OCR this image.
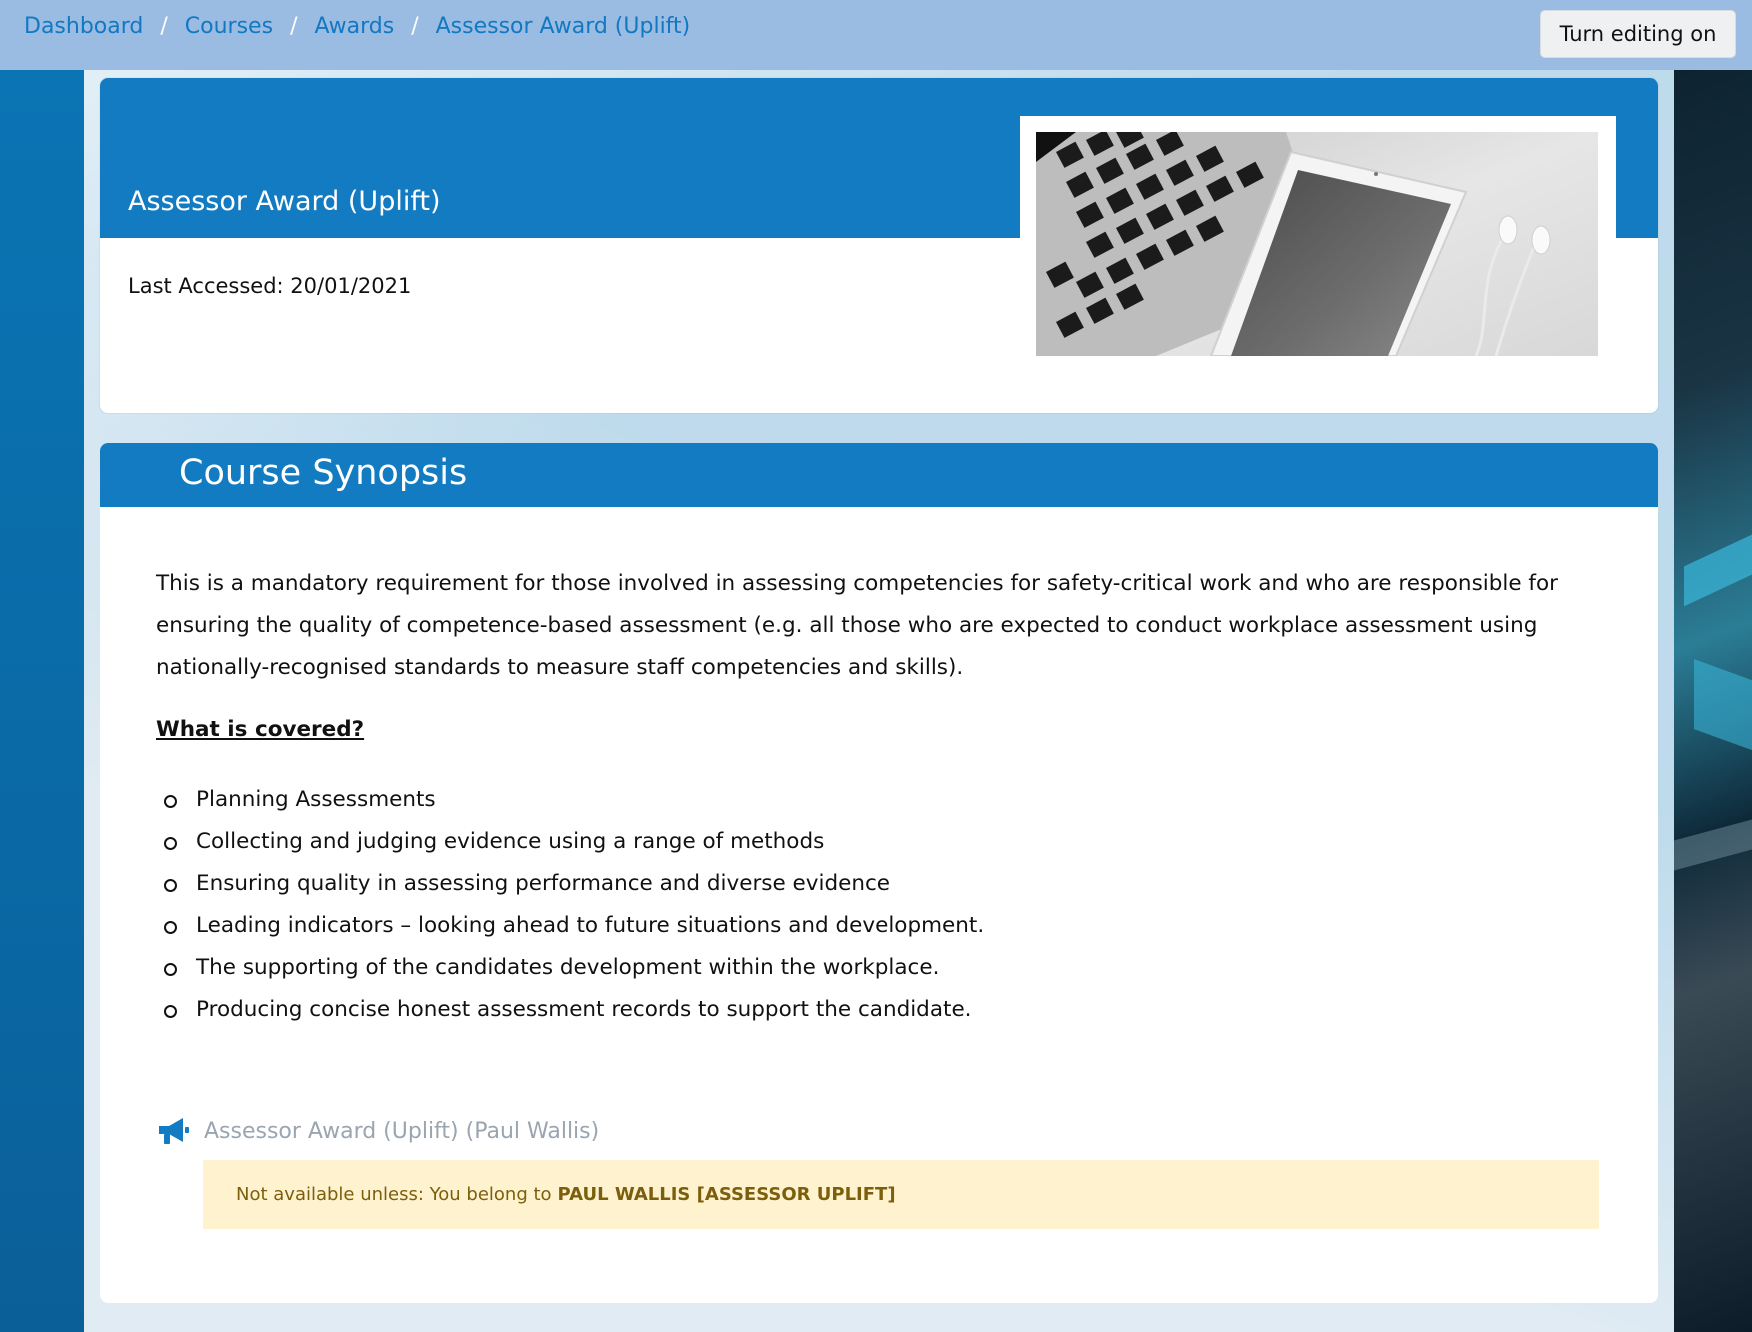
Dashboard / Courses / Awards / Assessor Award (Uplift)	Turn editing on
Assessor Award (Uplift)
Last Accessed: 20/01/2021
Course Synopsis

This is a mandatory requirement for those involved in assessing competencies for safety-critical work and who are responsible for ensuring the quality of competence-based assessment (e.g. all those who are expected to conduct workplace assessment using nationally-recognised standards to measure staff competencies and skills).

What is covered?
Planning Assessments
Collecting and judging evidence using a range of methods
Ensuring quality in assessing performance and diverse evidence
Leading indicators – looking ahead to future situations and development.
The supporting of the candidates development within the workplace.
Producing concise honest assessment records to support the candidate.
Assessor Award (Uplift) (Paul Wallis)
Not available unless: You belong to PAUL WALLIS [ASSESSOR UPLIFT]
